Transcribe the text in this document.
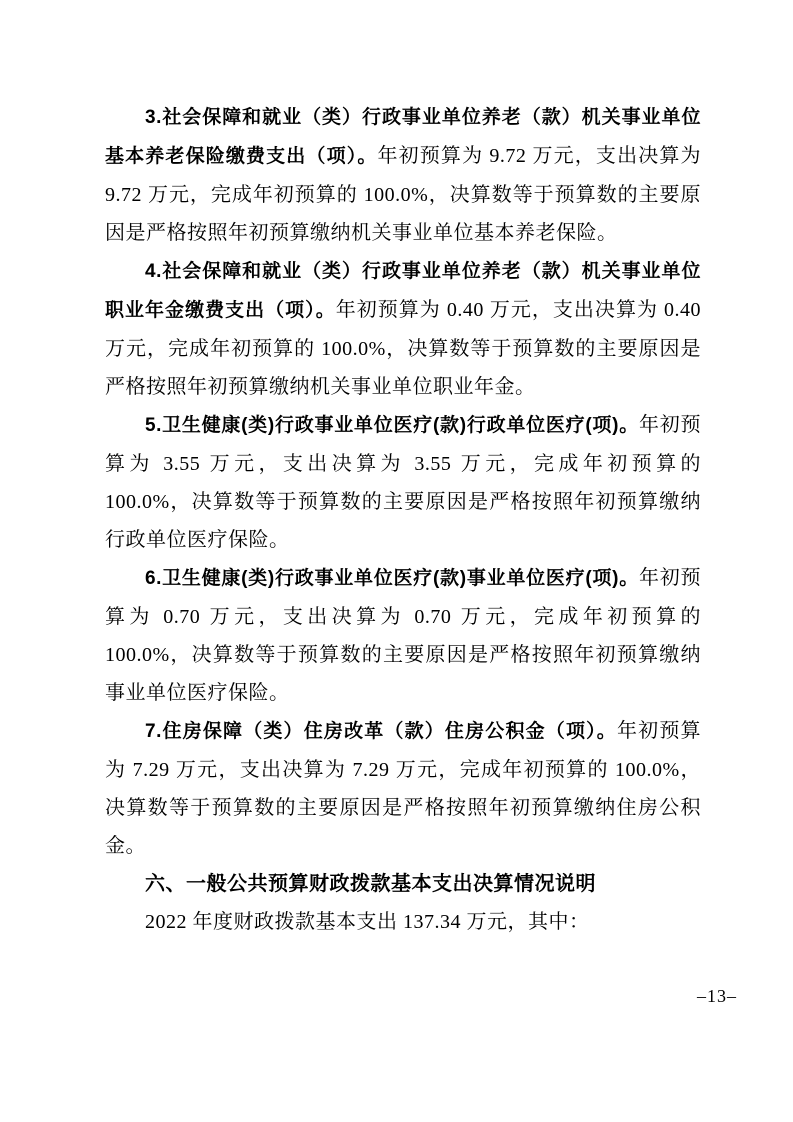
3.社会保障和就业（类）行政事业单位养老（款）机关事业单位基本养老保险缴费支出（项）。年初预算为 9.72 万元，支出决算为 9.72 万元，完成年初预算的 100.0%，决算数等于预算数的主要原因是严格按照年初预算缴纳机关事业单位基本养老保险。

4.社会保障和就业（类）行政事业单位养老（款）机关事业单位职业年金缴费支出（项）。年初预算为 0.40 万元，支出决算为 0.40 万元，完成年初预算的 100.0%，决算数等于预算数的主要原因是严格按照年初预算缴纳机关事业单位职业年金。

5.卫生健康(类)行政事业单位医疗(款)行政单位医疗(项)。年初预算为 3.55 万元，支出决算为 3.55 万元，完成年初预算的 100.0%，决算数等于预算数的主要原因是严格按照年初预算缴纳行政单位医疗保险。

6.卫生健康(类)行政事业单位医疗(款)事业单位医疗(项)。年初预算为 0.70 万元，支出决算为 0.70 万元，完成年初预算的 100.0%，决算数等于预算数的主要原因是严格按照年初预算缴纳事业单位医疗保险。

7.住房保障（类）住房改革（款）住房公积金（项）。年初预算为 7.29 万元，支出决算为 7.29 万元，完成年初预算的 100.0%，决算数等于预算数的主要原因是严格按照年初预算缴纳住房公积金。

六、一般公共预算财政拨款基本支出决算情况说明

2022 年度财政拨款基本支出 137.34 万元，其中：

–13–
